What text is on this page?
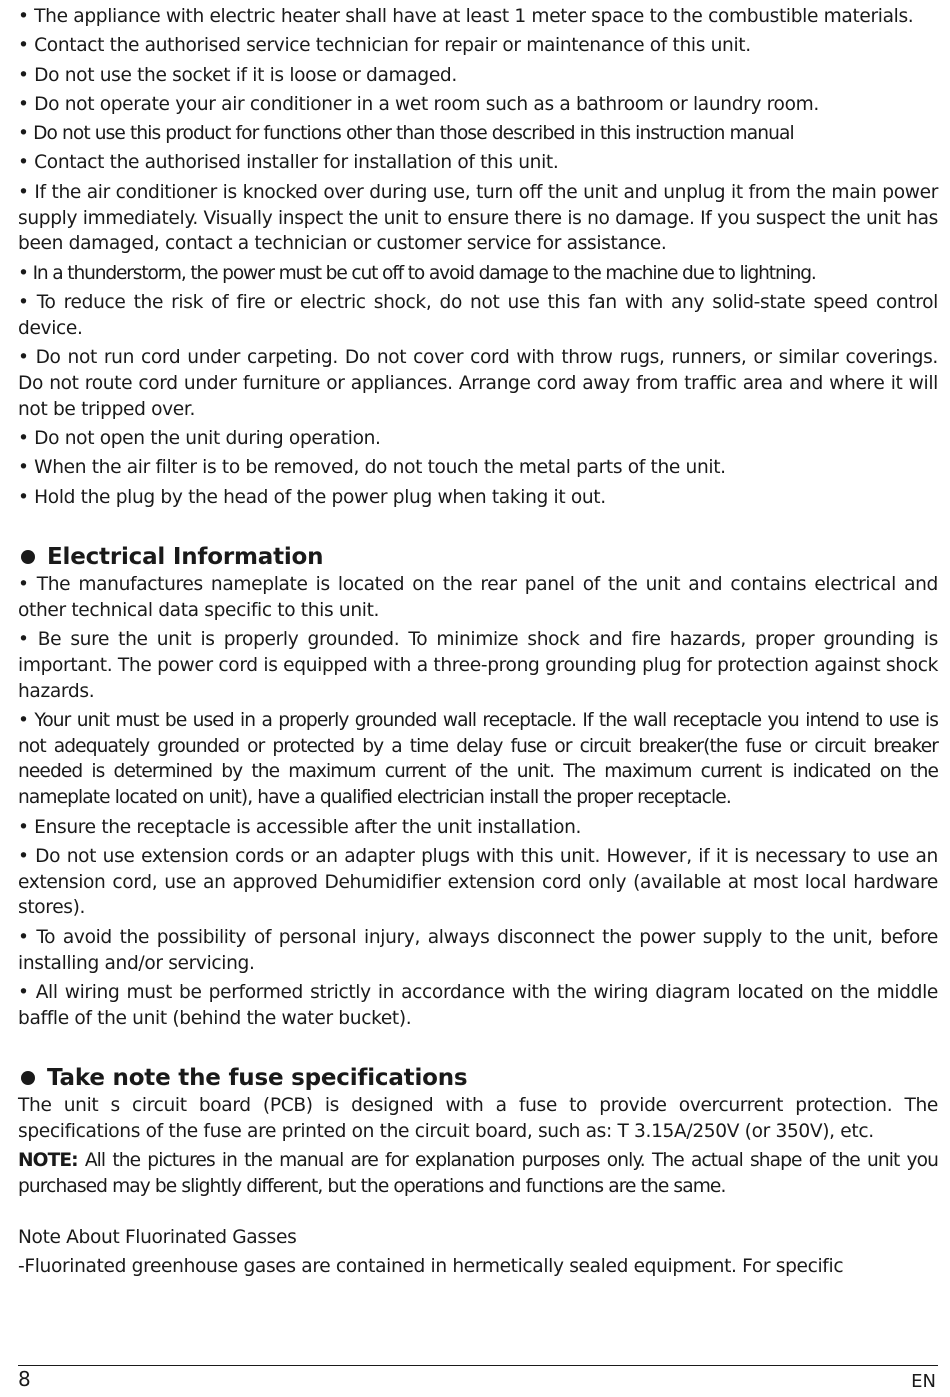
• The appliance with electric heater shall have at least 1 meter space to the combustible materials.

• Contact the authorised service technician for repair or maintenance of this unit.

• Do not use the socket if it is loose or damaged.

• Do not operate your air conditioner in a wet room such as a bathroom or laundry room.

• Do not use this product for functions other than those described in this instruction manual

• Contact the authorised installer for installation of this unit.

• If the air conditioner is knocked over during use, turn off the unit and unplug it from the main power supply immediately. Visually inspect the unit to ensure there is no damage. If you suspect the unit has been damaged, contact a technician or customer service for assistance.

• In a thunderstorm, the power must be cut off to avoid damage to the machine due to lightning.

• To reduce the risk of fire or electric shock, do not use this fan with any solid-state speed control device.

• Do not run cord under carpeting. Do not cover cord with throw rugs, runners, or similar coverings. Do not route cord under furniture or appliances. Arrange cord away from traffic area and where it will not be tripped over.

• Do not open the unit during operation.

• When the air filter is to be removed, do not touch the metal parts of the unit.

• Hold the plug by the head of the power plug when taking it out.

Electrical Information

• The manufactures nameplate is located on the rear panel of the unit and contains electrical and other technical data specific to this unit.

• Be sure the unit is properly grounded. To minimize shock and fire hazards, proper grounding is important. The power cord is equipped with a three-prong grounding plug for protection against shock hazards.

• Your unit must be used in a properly grounded wall receptacle. If the wall receptacle you intend to use is not adequately grounded or protected by a time delay fuse or circuit breaker(the fuse or circuit breaker needed is determined by the maximum current of the unit. The maximum current is indicated on the nameplate located on unit), have a qualified electrician install the proper receptacle.

• Ensure the receptacle is accessible after the unit installation.

• Do not use extension cords or an adapter plugs with this unit. However, if it is necessary to use an extension cord, use an approved Dehumidifier extension cord only (available at most local hardware stores).

• To avoid the possibility of personal injury, always disconnect the power supply to the unit, before installing and/or servicing.

• All wiring must be performed strictly in accordance with the wiring diagram located on the middle baffle of the unit (behind the water bucket).

Take note the fuse specifications

The unit s circuit board (PCB) is designed with a fuse to provide overcurrent protection. The specifications of the fuse are printed on the circuit board, such as: T 3.15A/250V (or 350V), etc.

NOTE: All the pictures in the manual are for explanation purposes only. The actual shape of the unit you purchased may be slightly different, but the operations and functions are the same.

Note About Fluorinated Gasses

-Fluorinated greenhouse gases are contained in hermetically sealed equipment. For specific

8	EN
